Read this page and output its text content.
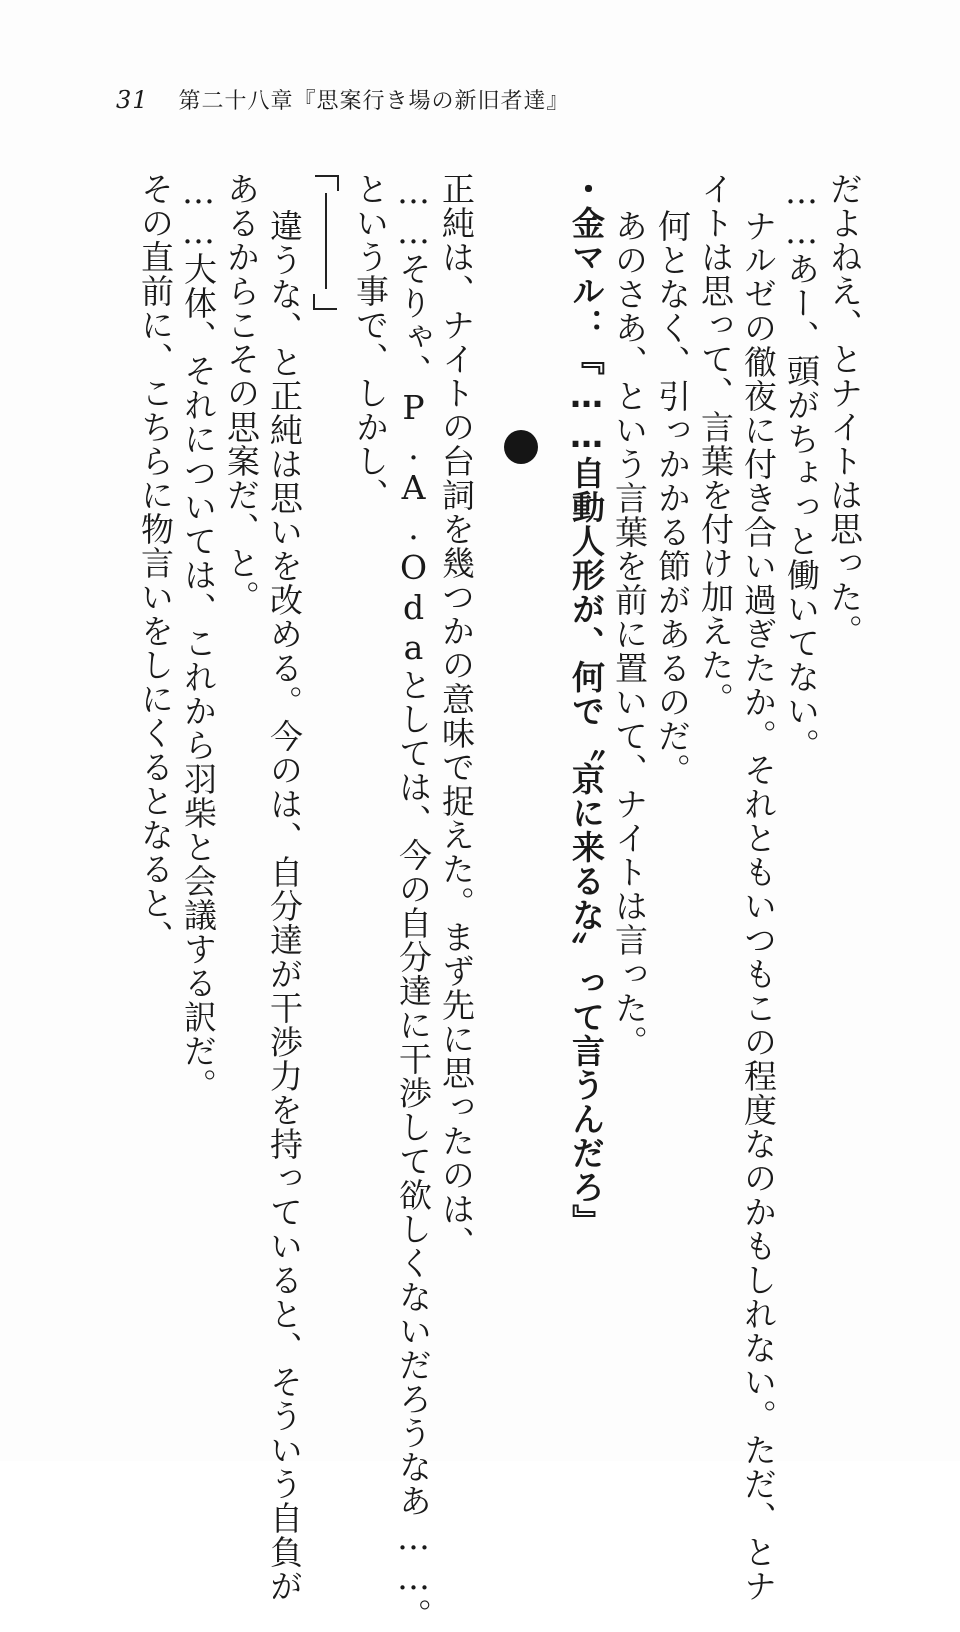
31 第二十八章『思案行き場の新旧者達』
だよねえ、とナイトは思った。
……あー、頭がちょっと働いてない。
ナルゼの徹夜に付き合い過ぎたか。それともいつもこの程度なのかもしれない。ただ、とナ
イトは思って、言葉を付け加えた。
何となく、引っかかる節があるのだ。
あのさあ、という言葉を前に置いて、ナイトは言った。
・金マル：『……自動人形が、何で〝京に来るな〟って言うんだろ』
正純は、ナイトの台詞を幾つかの意味で捉えた。まず先に思ったのは、
……そりゃ、P.A.Odaとしては、今の自分達に干渉して欲しくないだろうなあ……。
という事で、しかし、
違うな、と正純は思いを改める。今のは、自分達が干渉力を持っていると、そういう自負が
あるからこその思案だ、と。
……大体、それについては、これから羽柴と会議する訳だ。
その直前に、こちらに物言いをしにくるとなると、
